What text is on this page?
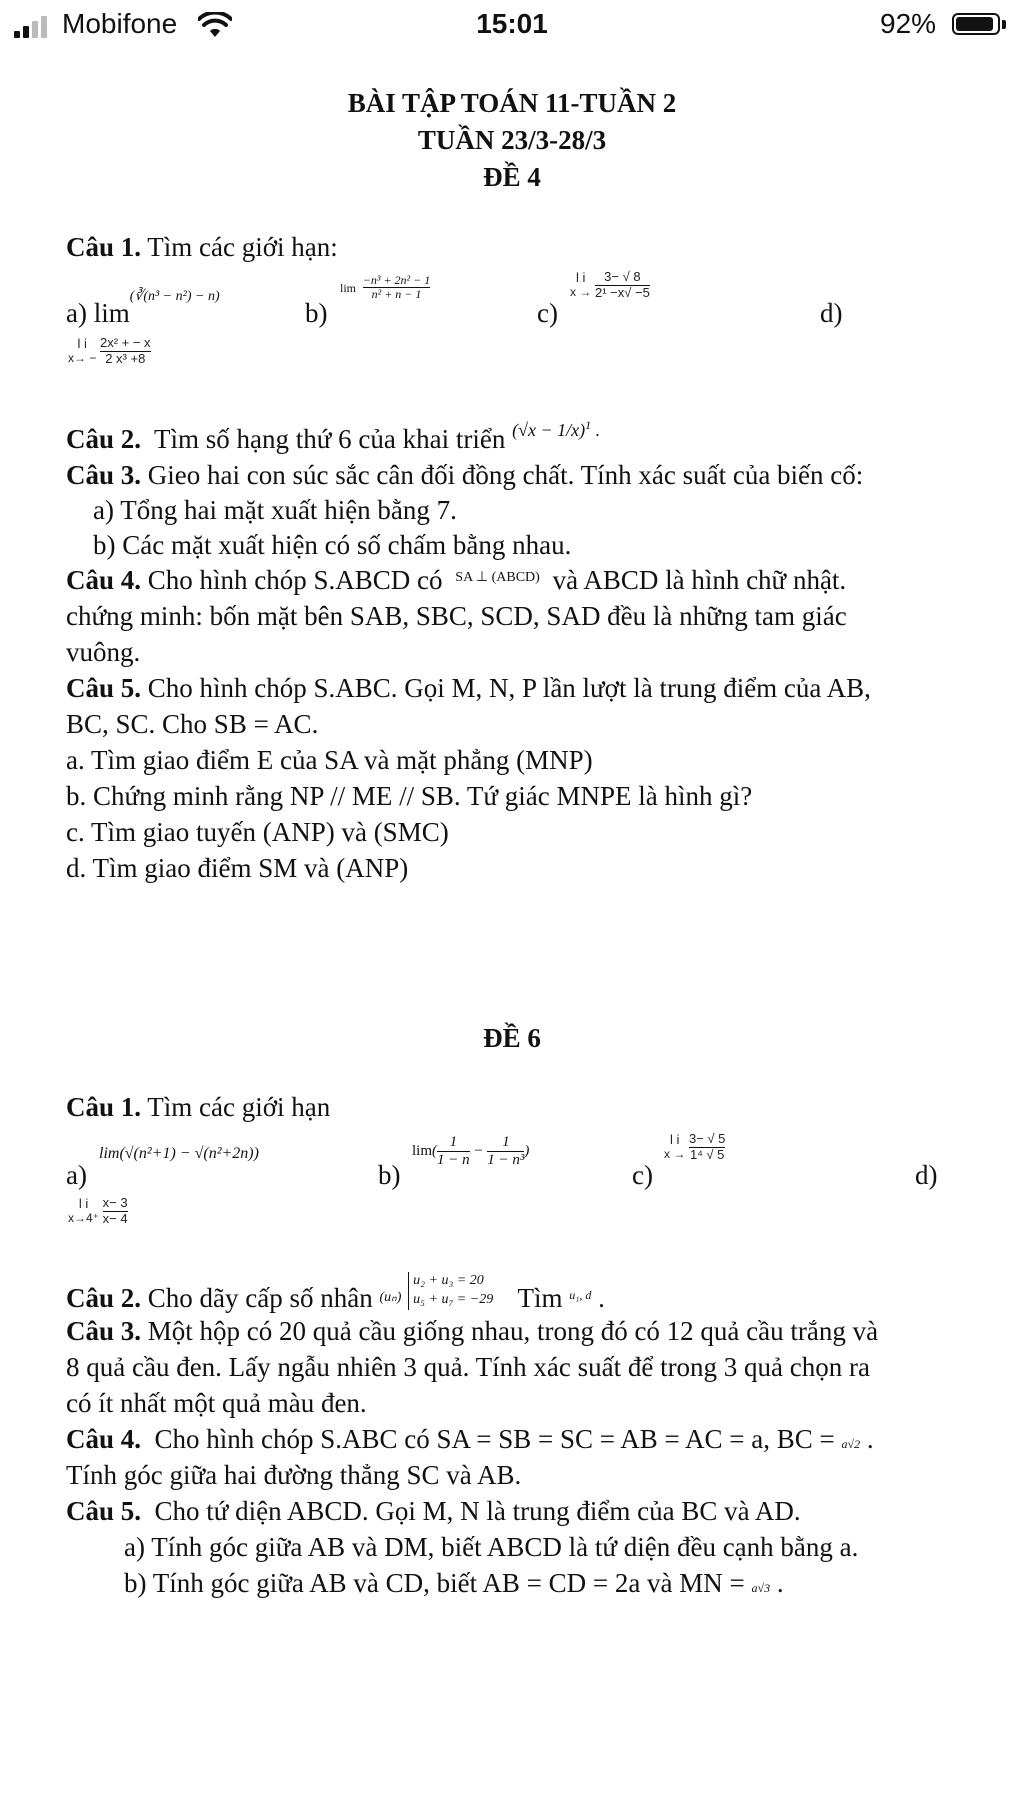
Mobifone	15:01	92%
BÀI TẬP TOÁN 11-TUẦN 2
TUẦN 23/3-28/3
ĐỀ 4
Câu 1. Tìm các giới hạn:
a) $\lim^{(∛(n^3 - n^2) - n)}$
b)
$\lim \frac{\text{−n³ + 2n² − 1}}{\text{n² + n − 1}}$
c)
l i
$x \to \frac{3- √ 8}{\text{2¹ −x√ −5}}$
d)
l i
$x\to - \frac{\text{2x² + − x}}{\text{2 x³ +8}}$
Câu 2. Tìm số hạng thứ 6 của khai triển $^{(√x - 1/x)^1 .}$
Câu 3. Gieo hai con súc sắc cân đối đồng chất. Tính xác suất của biến cố:
a) Tổng hai mặt xuất hiện bằng 7.
b) Các mặt xuất hiện có số chấm bằng nhau.
Câu 4. Cho hình chóp S.ABCD có $^{SA \perp (ABCD)}$ và ABCD là hình chữ nhật.
chứng minh: bốn mặt bên SAB, SBC, SCD, SAD đều là những tam giác
vuông.
Câu 5. Cho hình chóp S.ABC. Gọi M, N, P lần lượt là trung điểm của AB,
BC, SC. Cho SB = AC.
a. Tìm giao điểm E của SA và mặt phẳng (MNP)
b. Chứng minh rằng NP // ME // SB. Tứ giác MNPE là hình gì?
c. Tìm giao tuyến (ANP) và (SMC)
d. Tìm giao điểm SM và (ANP)
ĐỀ 6
Câu 1. Tìm các giới hạn
a)
lim(√(n²+1) − √(n²+2n))
b)
$\lim( \frac{1}{1 - n} - \frac{1}{\text{1 − n³}}$ )
c)
l i
$x \to \frac{3- √ 5}{\text{1⁴ √ 5}}$
d)
l i
$x\to 4^+ \frac{x- 3}{x- 4}$
Câu 2. Cho dãy cấp số nhân $^{(u_n)}$ u₂ + u₃ = 20
u₅ + u₇ = −29 Tìm $^{u_1, d}$ .
Câu 3. Một hộp có 20 quả cầu giống nhau, trong đó có 12 quả cầu trắng và
8 quả cầu đen. Lấy ngẫu nhiên 3 quả. Tính xác suất để trong 3 quả chọn ra
có ít nhất một quả màu đen.
Câu 4. Cho hình chóp S.ABC có SA = SB = SC = AB = AC = a, BC = a√2 .
Tính góc giữa hai đường thẳng SC và AB.
Câu 5. Cho tứ diện ABCD. Gọi M, N là trung điểm của BC và AD.
a) Tính góc giữa AB và DM, biết ABCD là tứ diện đều cạnh bằng a.
b) Tính góc giữa AB và CD, biết AB = CD = 2a và MN = a√3 .
